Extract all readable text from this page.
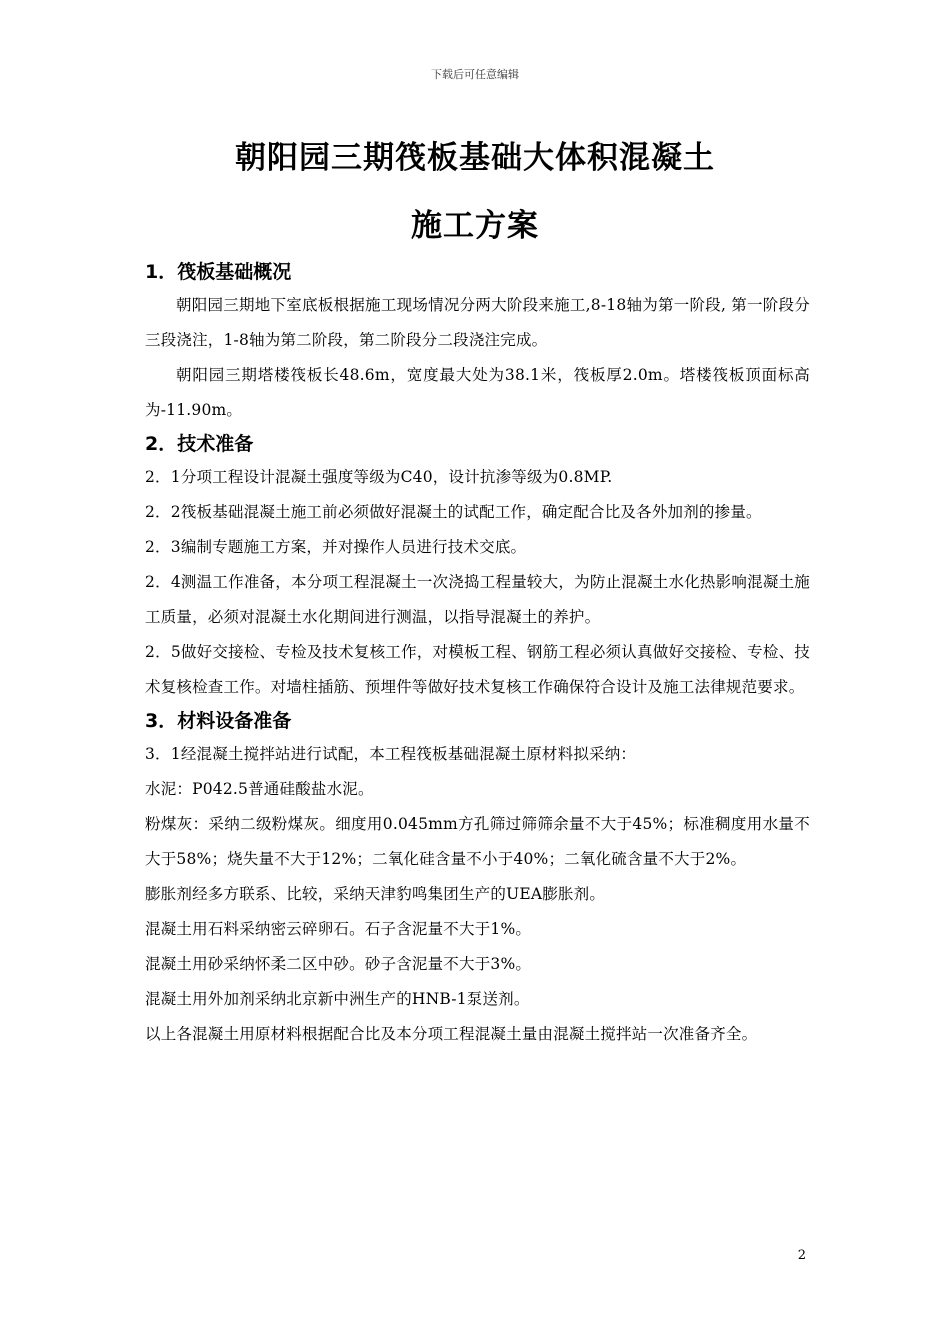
下载后可任意编辑
朝阳园三期筏板基础大体积混凝土
施工方案
1．筏板基础概况

朝阳园三期地下室底板根据施工现场情况分两大阶段来施工,8-18轴为第一阶段, 第一阶段分三段浇注，1-8轴为第二阶段，第二阶段分二段浇注完成。

朝阳园三期塔楼筏板长48.6m，宽度最大处为38.1米，筏板厚2.0m。塔楼筏板顶面标高为-11.90m。

2．技术准备

2．1分项工程设计混凝土强度等级为C40，设计抗渗等级为0.8MP.

2．2筏板基础混凝土施工前必须做好混凝土的试配工作，确定配合比及各外加剂的掺量。

2．3编制专题施工方案，并对操作人员进行技术交底。

2．4测温工作准备，本分项工程混凝土一次浇捣工程量较大，为防止混凝土水化热影响混凝土施工质量，必须对混凝土水化期间进行测温，以指导混凝土的养护。

2．5做好交接检、专检及技术复核工作，对模板工程、钢筋工程必须认真做好交接检、专检、技术复核检查工作。对墙柱插筋、预埋件等做好技术复核工作确保符合设计及施工法律规范要求。

3．材料设备准备

3．1经混凝土搅拌站进行试配，本工程筏板基础混凝土原材料拟采纳：

水泥：P042.5普通硅酸盐水泥。

粉煤灰：采纳二级粉煤灰。细度用0.045mm方孔筛过筛筛余量不大于45%；标准稠度用水量不大于58%；烧失量不大于12%；二氧化硅含量不小于40%；二氧化硫含量不大于2%。

膨胀剂经多方联系、比较，采纳天津豹鸣集团生产的UEA膨胀剂。

混凝土用石料采纳密云碎卵石。石子含泥量不大于1%。

混凝土用砂采纳怀柔二区中砂。砂子含泥量不大于3%。

混凝土用外加剂采纳北京新中洲生产的HNB-1泵送剂。

以上各混凝土用原材料根据配合比及本分项工程混凝土量由混凝土搅拌站一次准备齐全。

2
